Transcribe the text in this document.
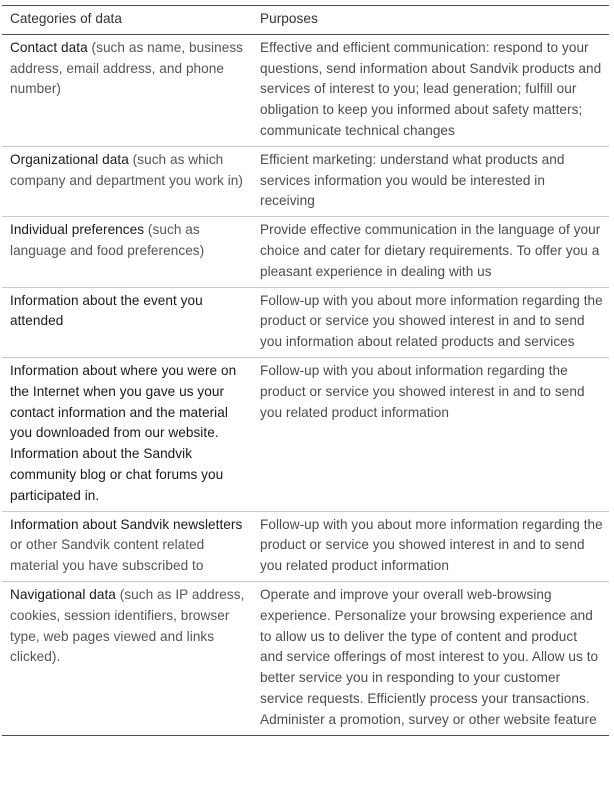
Categories of data	Purposes
Contact data (such as name, business address, email address, and phone number)	Effective and efficient communication: respond to your questions, send information about Sandvik products and services of interest to you; lead generation; fulfill our obligation to keep you informed about safety matters; communicate technical changes
Organizational data (such as which company and department you work in)	Efficient marketing: understand what products and services information you would be interested in receiving
Individual preferences (such as language and food preferences)	Provide effective communication in the language of your choice and cater for dietary requirements. To offer you a pleasant experience in dealing with us
Information about the event you attended	Follow-up with you about more information regarding the product or service you showed interest in and to send you information about related products and services
Information about where you were on the Internet when you gave us your contact information and the material you downloaded from our website. Information about the Sandvik community blog or chat forums you participated in.	Follow-up with you about information regarding the product or service you showed interest in and to send you related product information
Information about Sandvik newsletters or other Sandvik content related material you have subscribed to	Follow-up with you about more information regarding the product or service you showed interest in and to send you related product information
Navigational data (such as IP address, cookies, session identifiers, browser type, web pages viewed and links clicked).	Operate and improve your overall web-browsing experience. Personalize your browsing experience and to allow us to deliver the type of content and product and service offerings of most interest to you. Allow us to better service you in responding to your customer service requests. Efficiently process your transactions. Administer a promotion, survey or other website feature
